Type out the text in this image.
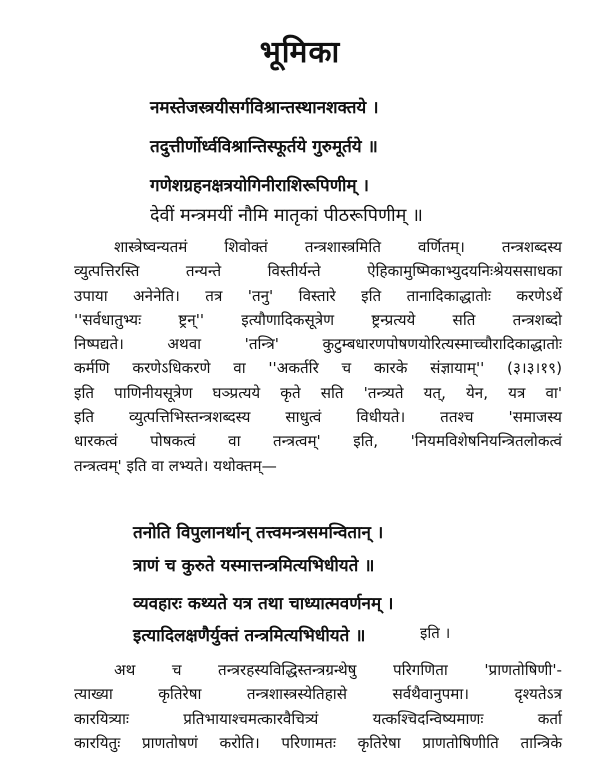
भूमिका
नमस्तेजस्त्रयीसर्गविश्रान्तस्थानशक्तये ।
तदुत्तीर्णोर्ध्वविश्रान्तिस्फूर्तये गुरुमूर्तये ॥
गणेशग्रहनक्षत्रयोगिनीराशिरूपिणीम् ।
देवीं मन्त्रमयीं नौमि मातृकां पीठरूपिणीम् ॥
शास्त्रेष्वन्यतमं शिवोक्तं तन्त्रशास्त्रमिति वर्णितम्। तन्त्रशब्दस्य
व्युत्पत्तिरस्ति तन्यन्ते विस्तीर्यन्ते ऐहिकामुष्मिकाभ्युदयनिःश्रेयससाधका
उपाया अनेनेति। तत्र 'तनु' विस्तारे इति तानादिकाद्धातोः करणेऽर्थे
''सर्वधातुभ्यः ष्ट्रन्'' इत्यौणादिकसूत्रेण ष्ट्रन्प्रत्यये सति तन्त्रशब्दो
निष्पद्यते। अथवा 'तन्त्रि' कुटुम्बधारणपोषणयोरित्यस्माच्चौरादिकाद्धातोः
कर्मणि करणेऽधिकरणे वा ''अकर्तरि च कारके संज्ञायाम्'' (३।३।१९)
इति पाणिनीयसूत्रेण घञ्प्रत्यये कृते सति 'तन्त्र्यते यत्, येन, यत्र वा'
इति व्युत्पत्तिभिस्तन्त्रशब्दस्य साधुत्वं विधीयते। ततश्च 'समाजस्य
धारकत्वं पोषकत्वं वा तन्त्रत्वम्' इति, 'नियमविशेषनियन्त्रितलोकत्वं
तन्त्रत्वम्' इति वा लभ्यते। यथोक्तम्—
तनोति विपुलानर्थान् तत्त्वमन्त्रसमन्वितान् ।
त्राणं च कुरुते यस्मात्तन्त्रमित्यभिधीयते ॥
व्यवहारः कथ्यते यत्र तथा चाध्यात्मवर्णनम् ।
इत्यादिलक्षणैर्युक्तं तन्त्रमित्यभिधीयते ॥	इति ।
अथ च तन्त्ररहस्यविद्धिस्तन्त्रग्रन्थेषु परिगणिता 'प्राणतोषिणी'-
त्याख्या कृतिरेषा तन्त्रशास्त्रस्येतिहासे सर्वथैवानुपमा। दृश्यतेऽत्र
कारयित्र्याः प्रतिभायाश्चमत्कारवैचित्र्यं यत्कश्चिदन्विष्यमाणः कर्ता
कारयितुः प्राणतोषणं करोति। परिणामतः कृतिरेषा प्राणतोषिणीति तान्त्रिके
